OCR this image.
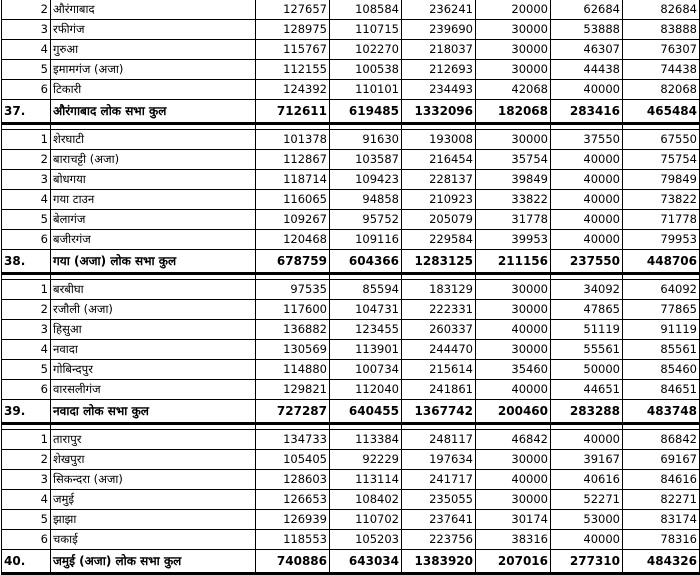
2	औरंगाबाद	127657	108584	236241	20000	62684	82684
3	रफीगंज	128975	110715	239690	30000	53888	83888
4	गुरुआ	115767	102270	218037	30000	46307	76307
5	इमामगंज (अजा)	112155	100538	212693	30000	44438	74438
6	टिकारी	124392	110101	234493	42068	40000	82068
37.	औरंगाबाद लोक सभा कुल	712611	619485	1332096	182068	283416	465484

1	शेरघाटी	101378	91630	193008	30000	37550	67550
2	बाराचट्टी (अजा)	112867	103587	216454	35754	40000	75754
3	बोधगया	118714	109423	228137	39849	40000	79849
4	गया टाउन	116065	94858	210923	33822	40000	73822
5	बेलागंज	109267	95752	205079	31778	40000	71778
6	बजीरगंज	120468	109116	229584	39953	40000	79953
38.	गया (अजा) लोक सभा कुल	678759	604366	1283125	211156	237550	448706

1	बरबीघा	97535	85594	183129	30000	34092	64092
2	रजौली (अजा)	117600	104731	222331	30000	47865	77865
3	हिसुआ	136882	123455	260337	40000	51119	91119
4	नवादा	130569	113901	244470	30000	55561	85561
5	गोबिन्दपुर	114880	100734	215614	35460	50000	85460
6	वारसलीगंज	129821	112040	241861	40000	44651	84651
39.	नवादा लोक सभा कुल	727287	640455	1367742	200460	283288	483748

1	तारापुर	134733	113384	248117	46842	40000	86842
2	शेखपुरा	105405	92229	197634	30000	39167	69167
3	सिकन्दरा (अजा)	128603	113114	241717	40000	40616	84616
4	जमुई	126653	108402	235055	30000	52271	82271
5	झाझा	126939	110702	237641	30174	53000	83174
6	चकाई	118553	105203	223756	38316	40000	78316
40.	जमुई (अजा) लोक सभा कुल	740886	643034	1383920	207016	277310	484326
